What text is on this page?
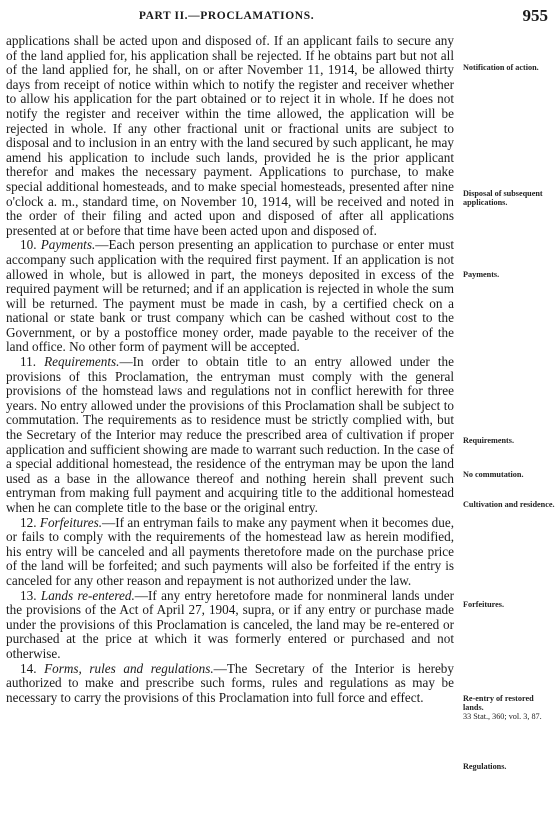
PART II.—PROCLAMATIONS.	955

applications shall be acted upon and disposed of. If an applicant fails to secure any of the land applied for, his application shall be rejected. If he obtains part but not all of the land applied for, he shall, on or after November 11, 1914, be allowed thirty days from receipt of notice within which to notify the register and receiver whether to allow his application for the part obtained or to reject it in whole. If he does not notify the register and receiver within the time allowed, the application will be rejected in whole. If any other fractional unit or fractional units are subject to disposal and to inclusion in an entry with the land secured by such applicant, he may amend his application to include such lands, provided he is the prior applicant therefor and makes the necessary payment. Applications to purchase, to make special additional homesteads, and to make special homesteads, presented after nine o'clock a. m., standard time, on November 10, 1914, will be received and noted in the order of their filing and acted upon and disposed of after all applications presented at or before that time have been acted upon and disposed of.

10. Payments.—Each person presenting an application to purchase or enter must accompany such application with the required first payment. If an application is not allowed in whole, but is allowed in part, the moneys deposited in excess of the required payment will be returned; and if an application is rejected in whole the sum will be returned. The payment must be made in cash, by a certified check on a national or state bank or trust company which can be cashed without cost to the Government, or by a postoffice money order, made payable to the receiver of the land office. No other form of payment will be accepted.

11. Requirements.—In order to obtain title to an entry allowed under the provisions of this Proclamation, the entryman must comply with the general provisions of the homstead laws and regulations not in conflict herewith for three years. No entry allowed under the provisions of this Proclamation shall be subject to commutation. The requirements as to residence must be strictly complied with, but the Secretary of the Interior may reduce the prescribed area of cultivation if proper application and sufficient showing are made to warrant such reduction. In the case of a special additional homestead, the residence of the entryman may be upon the land used as a base in the allowance thereof and nothing herein shall prevent such entryman from making full payment and acquiring title to the additional homestead when he can complete title to the base or the original entry.

12. Forfeitures.—If an entryman fails to make any payment when it becomes due, or fails to comply with the requirements of the homestead law as herein modified, his entry will be canceled and all payments theretofore made on the purchase price of the land will be forfeited; and such payments will also be forfeited if the entry is canceled for any other reason and repayment is not authorized under the law.

13. Lands re-entered.—If any entry heretofore made for nonmineral lands under the provisions of the Act of April 27, 1904, supra, or if any entry or purchase made under the provisions of this Proclamation is canceled, the land may be re-entered or purchased at the price at which it was formerly entered or purchased and not otherwise.

14. Forms, rules and regulations.—The Secretary of the Interior is hereby authorized to make and prescribe such forms, rules and regulations as may be necessary to carry the provisions of this Proclamation into full force and effect.

Notification of action.
Disposal of subsequent applications.
Payments.
Requirements.
No commutation.
Cultivation and residence.
Forfeitures.
Re-entry of restored lands.
33 Stat., 360; vol. 3, 87.
Regulations.
